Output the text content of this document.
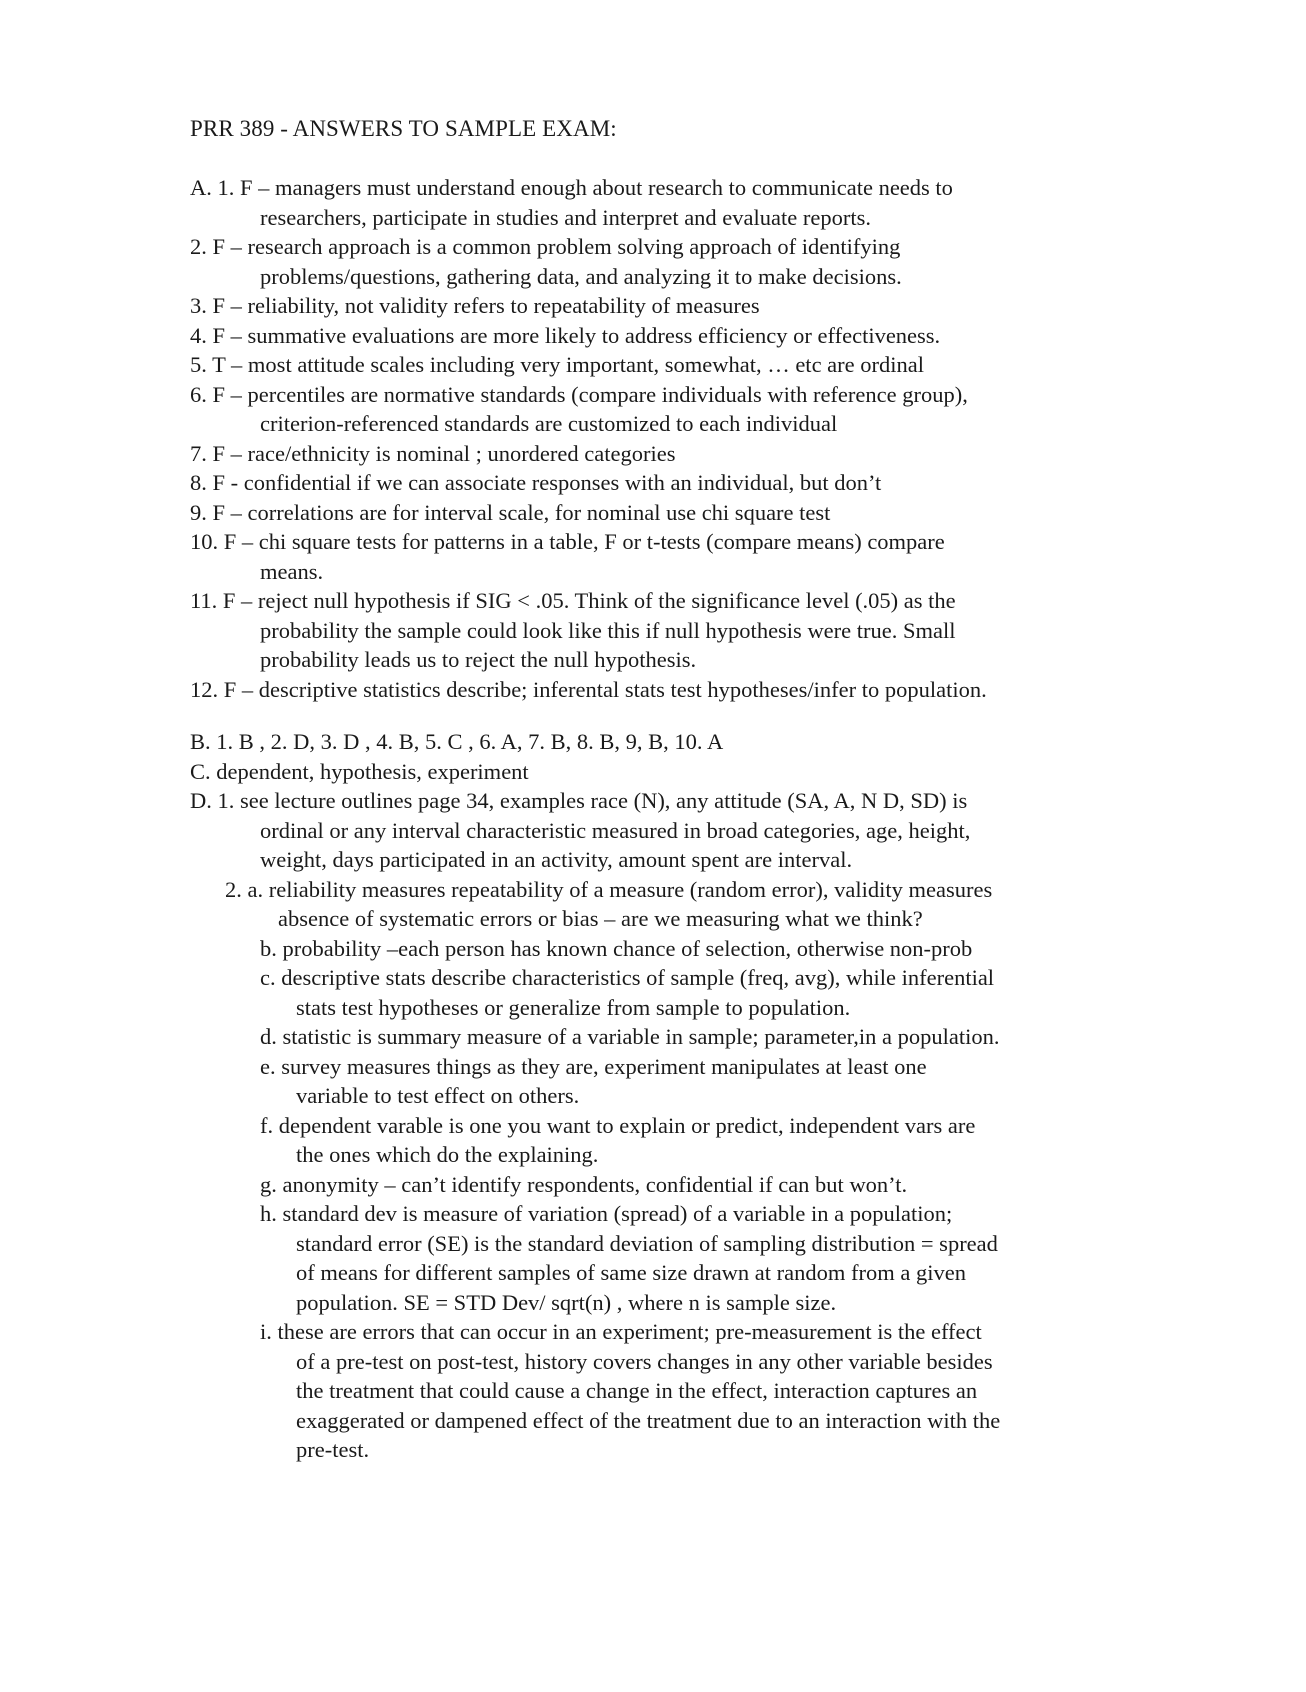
PRR 389 - ANSWERS TO SAMPLE EXAM:
A. 1. F – managers must understand enough about research to communicate needs to
researchers, participate in studies and interpret and evaluate reports.
2. F – research approach is a common problem solving approach of identifying
problems/questions, gathering data, and analyzing it to make decisions.
3. F – reliability, not validity refers to repeatability of measures
4. F – summative evaluations are more likely to address efficiency or effectiveness.
5. T – most attitude scales including very important, somewhat, … etc are ordinal
6. F – percentiles are normative standards (compare individuals with reference group),
criterion-referenced standards are customized to each individual
7. F – race/ethnicity is nominal ; unordered categories
8. F - confidential if we can associate responses with an individual, but don’t
9. F – correlations are for interval scale, for nominal use chi square test
10. F – chi square tests for patterns in a table, F or t-tests (compare means) compare
means.
11. F – reject null hypothesis if SIG < .05. Think of the significance level (.05) as the
probability the sample could look like this if null hypothesis were true. Small
probability leads us to reject the null hypothesis.
12. F – descriptive statistics describe; inferental stats test hypotheses/infer to population.
B. 1. B , 2. D, 3. D , 4. B, 5. C , 6. A, 7. B, 8. B, 9, B, 10. A
C. dependent, hypothesis, experiment
D. 1. see lecture outlines page 34, examples race (N), any attitude (SA, A, N D, SD) is
ordinal or any interval characteristic measured in broad categories, age, height,
weight, days participated in an activity, amount spent are interval.
2. a. reliability measures repeatability of a measure (random error), validity measures
absence of systematic errors or bias – are we measuring what we think?
b. probability –each person has known chance of selection, otherwise non-prob
c. descriptive stats describe characteristics of sample (freq, avg), while inferential
stats test hypotheses or generalize from sample to population.
d. statistic is summary measure of a variable in sample; parameter,in a population.
e. survey measures things as they are, experiment manipulates at least one
variable to test effect on others.
f. dependent varable is one you want to explain or predict, independent vars are
the ones which do the explaining.
g. anonymity – can’t identify respondents, confidential if can but won’t.
h. standard dev is measure of variation (spread) of a variable in a population;
standard error (SE) is the standard deviation of sampling distribution = spread
of means for different samples of same size drawn at random from a given
population. SE = STD Dev/ sqrt(n) , where n is sample size.
i. these are errors that can occur in an experiment; pre-measurement is the effect
of a pre-test on post-test, history covers changes in any other variable besides
the treatment that could cause a change in the effect, interaction captures an
exaggerated or dampened effect of the treatment due to an interaction with the
pre-test.
